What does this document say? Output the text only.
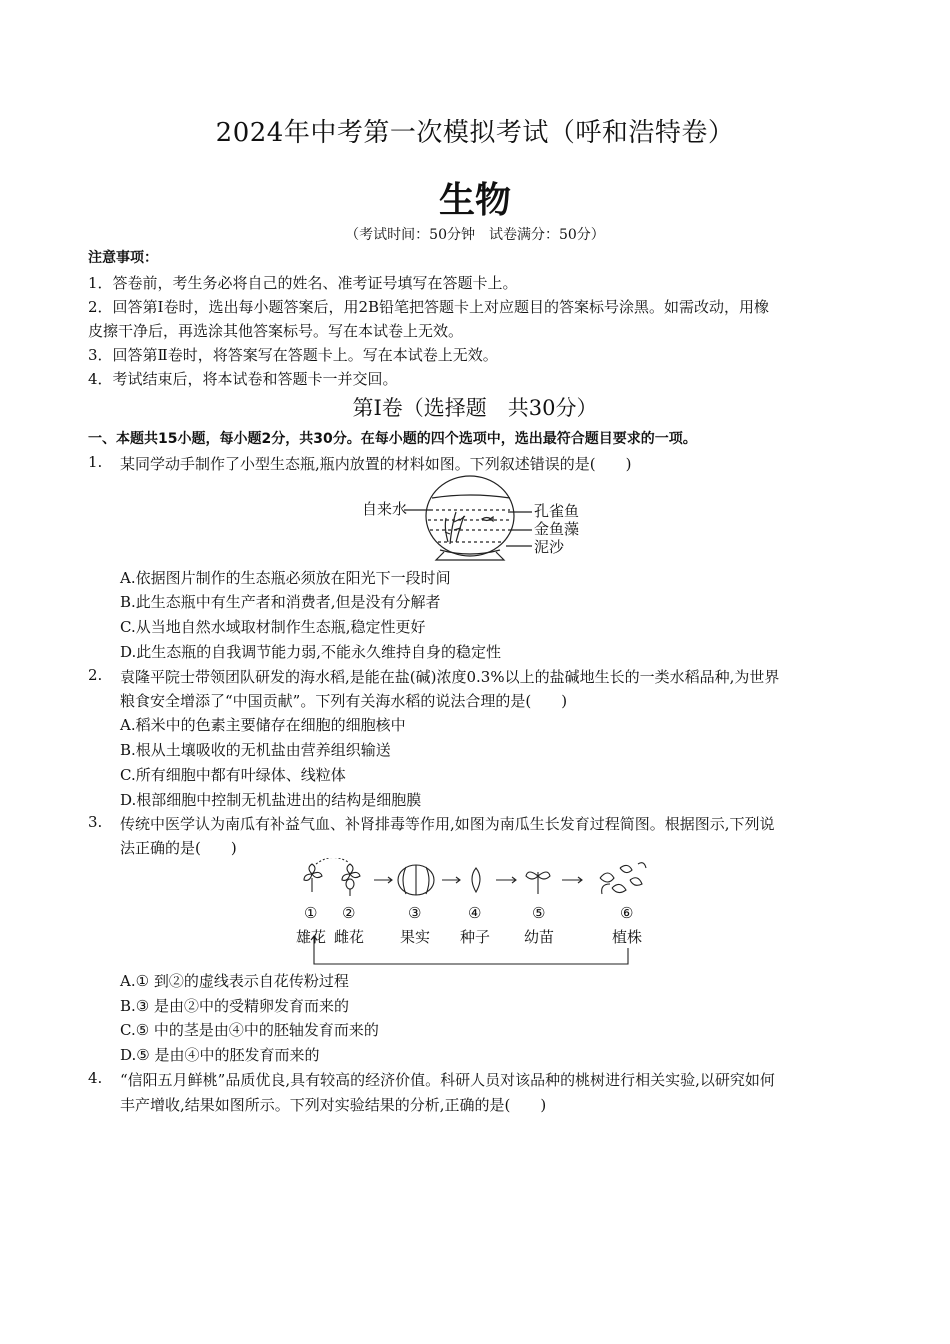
2024年中考第一次模拟考试（呼和浩特卷）
生物
（考试时间：50分钟　试卷满分：50分）
注意事项：
1．答卷前，考生务必将自己的姓名、准考证号填写在答题卡上。
2．回答第Ⅰ卷时，选出每小题答案后，用2B铅笔把答题卡上对应题目的答案标号涂黑。如需改动，用橡
皮擦干净后，再选涂其他答案标号。写在本试卷上无效。
3．回答第Ⅱ卷时，将答案写在答题卡上。写在本试卷上无效。
4．考试结束后，将本试卷和答题卡一并交回。
第Ⅰ卷（选择题　共30分）
一、本题共15小题，每小题2分，共30分。在每小题的四个选项中，选出最符合题目要求的一项。
1. 某同学动手制作了小型生态瓶,瓶内放置的材料如图。下列叙述错误的是(　　)
自来水	孔雀鱼
金鱼藻
泥沙
A.依据图片制作的生态瓶必须放在阳光下一段时间
B.此生态瓶中有生产者和消费者,但是没有分解者
C.从当地自然水域取材制作生态瓶,稳定性更好
D.此生态瓶的自我调节能力弱,不能永久维持自身的稳定性
2. 袁隆平院士带领团队研发的海水稻,是能在盐(碱)浓度0.3%以上的盐碱地生长的一类水稻品种,为世界
粮食安全增添了“中国贡献”。下列有关海水稻的说法合理的是(　　)
A.稻米中的色素主要储存在细胞的细胞核中
B.根从土壤吸收的无机盐由营养组织输送
C.所有细胞中都有叶绿体、线粒体
D.根部细胞中控制无机盐进出的结构是细胞膜
3. 传统中医学认为南瓜有补益气血、补肾排毒等作用,如图为南瓜生长发育过程简图。根据图示,下列说
法正确的是(　　)
① ②	③	④	⑤	⑥
雄花 雌花 果实 种子 幼苗	植株
A.① 到②的虚线表示自花传粉过程
B.③ 是由②中的受精卵发育而来的
C.⑤ 中的茎是由④中的胚轴发育而来的
D.⑤ 是由④中的胚发育而来的
4. “信阳五月鲜桃”品质优良,具有较高的经济价值。科研人员对该品种的桃树进行相关实验,以研究如何
丰产增收,结果如图所示。下列对实验结果的分析,正确的是(　　)
